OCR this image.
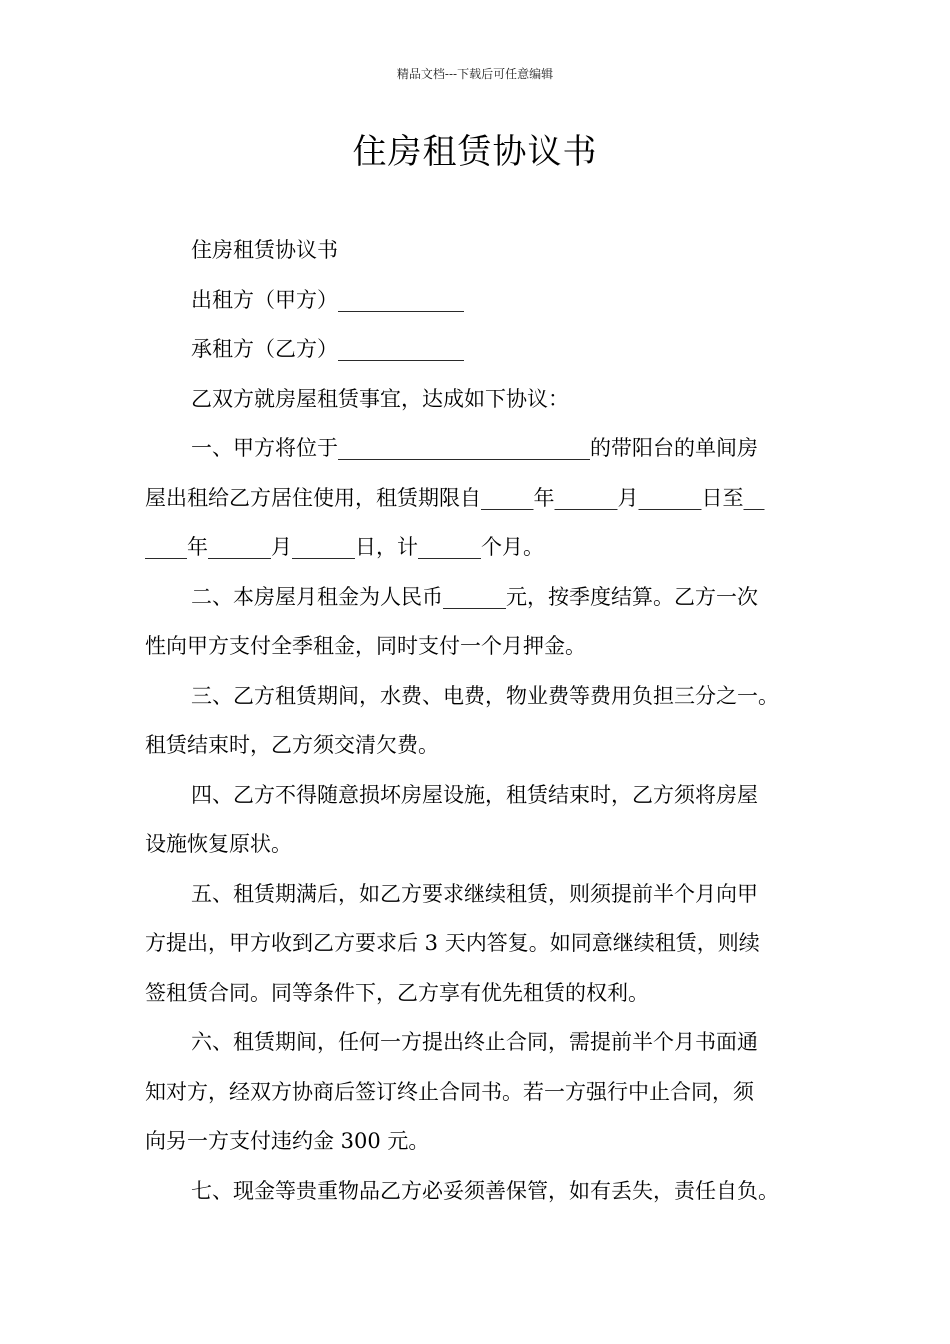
精品文档---下载后可任意编辑
住房租赁协议书
住房租赁协议书
出租方（甲方）____________
承租方（乙方）____________
乙双方就房屋租赁事宜，达成如下协议：
一、甲方将位于________________________的带阳台的单间房
屋出租给乙方居住使用，租赁期限自_____年______月______日至__
____年______月______日，计______个月。
二、本房屋月租金为人民币______元，按季度结算。乙方一次
性向甲方支付全季租金，同时支付一个月押金。
三、乙方租赁期间，水费、电费，物业费等费用负担三分之一。
租赁结束时，乙方须交清欠费。
四、乙方不得随意损坏房屋设施，租赁结束时，乙方须将房屋
设施恢复原状。
五、租赁期满后，如乙方要求继续租赁，则须提前半个月向甲
方提出，甲方收到乙方要求后 3 天内答复。如同意继续租赁，则续
签租赁合同。同等条件下，乙方享有优先租赁的权利。
六、租赁期间，任何一方提出终止合同，需提前半个月书面通
知对方，经双方协商后签订终止合同书。若一方强行中止合同，须
向另一方支付违约金 300 元。
七、现金等贵重物品乙方必妥须善保管，如有丢失，责任自负。
